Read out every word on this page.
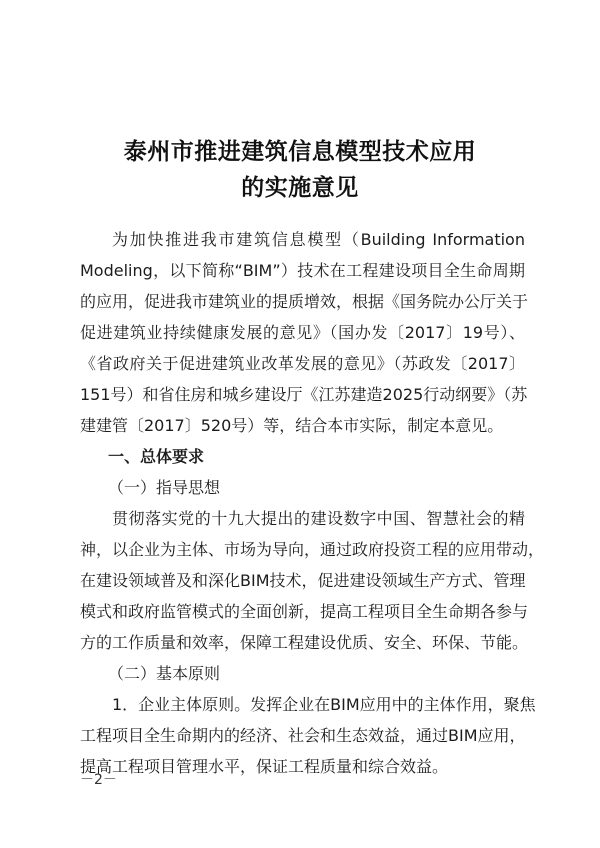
泰州市推进建筑信息模型技术应用
的实施意见
为加快推进我市建筑信息模型（Building Information
Modeling，以下简称“BIM”）技术在工程建设项目全生命周期
的应用，促进我市建筑业的提质增效，根据《国务院办公厅关于
促进建筑业持续健康发展的意见》（国办发〔2017〕19号）、
《省政府关于促进建筑业改革发展的意见》（苏政发〔2017〕
151号）和省住房和城乡建设厅《江苏建造2025行动纲要》（苏
建建管〔2017〕520号）等，结合本市实际，制定本意见。
一、总体要求
（一）指导思想
贯彻落实党的十九大提出的建设数字中国、智慧社会的精
神，以企业为主体、市场为导向，通过政府投资工程的应用带动，
在建设领域普及和深化BIM技术，促进建设领域生产方式、管理
模式和政府监管模式的全面创新，提高工程项目全生命期各参与
方的工作质量和效率，保障工程建设优质、安全、环保、节能。
（二）基本原则
1．企业主体原则。发挥企业在BIM应用中的主体作用，聚焦
工程项目全生命期内的经济、社会和生态效益，通过BIM应用，
提高工程项目管理水平，保证工程质量和综合效益。
－2－
